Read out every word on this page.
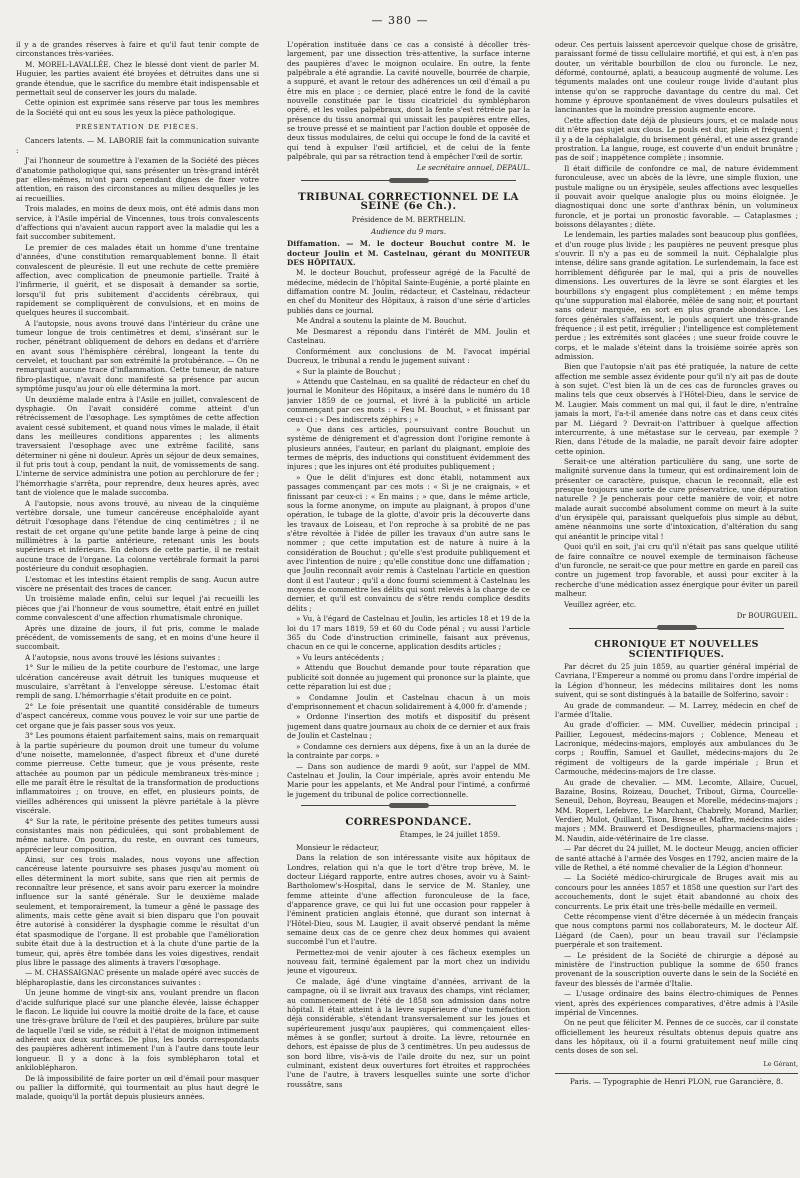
— 380 —

il y a de grandes réserves à faire et qu'il faut tenir compte de circonstances très-variées.

M. MOREL-LAVALLÉE. Chez le blessé dont vient de parler M. Huguier, les parties avaient été broyées et détruites dans une si grande étendue, que le sacrifice du membre était indispensable et permettait seul de conserver les jours du malade.

Cette opinion est exprimée sans réserve par tous les membres de la Société qui ont eu sous les yeux la pièce pathologique.

PRÉSENTATION DE PIÈCES.

Cancers latents. — M. LABORIE fait la communication suivante :

J'ai l'honneur de soumettre à l'examen de la Société des pièces d'anatomie pathologique qui, sans présenter un très-grand intérêt par elles-mêmes, m'ont paru cependant dignes de fixer votre attention, en raison des circonstances au milieu desquelles je les ai recueillies.

Trois malades, en moins de deux mois, ont été admis dans mon service, à l'Asile impérial de Vincennes, tous trois convalescents d'affections qui n'avaient aucun rapport avec la maladie qui les a fait succomber subitement.

Le premier de ces malades était un homme d'une trentaine d'années, d'une constitution remarquablement bonne. Il était convalescent de pleurésie. Il eut une rechute de cette première affection, avec complication de pneumonie partielle. Traité à l'infirmerie, il guérit, et se disposait à demander sa sortie, lorsqu'il fut pris subitement d'accidents cérébraux, qui rapidement se compliquèrent de convulsions, et en moins de quelques heures il succombait.

A l'autopsie, nous avons trouvé dans l'intérieur du crâne une tumeur longue de trois centimètres et demi, s'insérant sur le rocher, pénétrant obliquement de dehors en dedans et d'arrière en avant sous l'hémisphère cérébral, longeant la tente du cervelet, et touchant par son extrémité la protubérance. — On ne remarquait aucune trace d'inflammation. Cette tumeur, de nature fibro-plastique, n'avait donc manifesté sa présence par aucun symptôme jusqu'au jour où elle détermina la mort.

Un deuxième malade entra à l'Asile en juillet, convalescent de dysphagie. On l'avait considéré comme atteint d'un rétrécissement de l'œsophage. Les symptômes de cette affection avaient cessé subitement, et quand nous vîmes le malade, il était dans les meilleures conditions apparentes ; les aliments traversaient l'œsophage avec une extrême facilité, sans déterminer ni gêne ni douleur. Après un séjour de deux semaines, il fut pris tout à coup, pendant la nuit, de vomissements de sang. L'interne de service administra une potion au perchlorure de fer ; l'hémorrhagie s'arrêta, pour reprendre, deux heures après, avec tant de violence que le malade succomba.

A l'autopsie, nous avons trouvé, au niveau de la cinquième vertèbre dorsale, une tumeur cancéreuse encéphaloïde ayant détruit l'œsophage dans l'étendue de cinq centimètres ; il ne restait de cet organe qu'une petite bande large à peine de cinq millimètres à la partie antérieure, retenant unis les bouts supérieurs et inférieurs. En dehors de cette partie, il ne restait aucune trace de l'organe. La colonne vertébrale formait la paroi postérieure du conduit œsophagien.

L'estomac et les intestins étaient remplis de sang. Aucun autre viscère ne présentait des traces de cancer.

Un troisième malade enfin, celui sur lequel j'ai recueilli les pièces que j'ai l'honneur de vous soumettre, était entré en juillet comme convalescent d'une affection rhumatismale chronique.

Après une dizaine de jours, il fut pris, comme le malade précédent, de vomissements de sang, et en moins d'une heure il succombait.

A l'autopsie, nous avons trouvé les lésions suivantes :

1° Sur le milieu de la petite courbure de l'estomac, une large ulcération cancéreuse avait détruit les tuniques muqueuse et musculaire, s'arrêtant à l'enveloppe séreuse. L'estomac était rempli de sang. L'hémorrhagie s'était produite en ce point.

2° Le foie présentait une quantité considérable de tumeurs d'aspect cancéreux, comme vous pouvez le voir sur une partie de cet organe que je fais passer sous vos yeux.

3° Les poumons étaient parfaitement sains, mais on remarquait à la partie supérieure du poumon droit une tumeur du volume d'une noisette, mamelonnée, d'aspect fibreux et d'une dureté comme pierreuse. Cette tumeur, que je vous présente, reste attachée au poumon par un pédicule membraneux très-mince ; elle me paraît être le résultat de la transformation de productions inflammatoires ; on trouve, en effet, en plusieurs points, de vieilles adhérences qui unissent la plèvre pariétale à la plèvre viscérale.

4° Sur la rate, le péritoine présente des petites tumeurs aussi consistantes mais non pédiculées, qui sont probablement de même nature. On pourra, du reste, en ouvrant ces tumeurs, apprécier leur composition.

Ainsi, sur ces trois malades, nous voyons une affection cancéreuse latente poursuivre ses phases jusqu'au moment où elles déterminent la mort subite, sans que rien ait permis de reconnaître leur présence, et sans avoir paru exercer la moindre influence sur la santé générale. Sur le deuxième malade seulement, et temporairement, la tumeur a gêné le passage des aliments, mais cette gêne avait si bien disparu que l'on pouvait être autorisé à considérer la dysphagie comme le résultat d'un état spasmodique de l'organe. Il est probable que l'amélioration subite était due à la destruction et à la chute d'une partie de la tumeur, qui, après être tombée dans les voies digestives, rendait plus libre le passage des aliments à travers l'œsophage.

— M. CHASSAIGNAC présente un malade opéré avec succès de blépharoplastie, dans les circonstances suivantes :

Un jeune homme de vingt-six ans, voulant prendre un flacon d'acide sulfurique placé sur une planche élevée, laisse échapper le flacon. Le liquide lui couvre la moitié droite de la face, et cause une très-grave brûlure de l'œil et des paupières, brûlure par suite de laquelle l'œil se vide, se réduit à l'état de moignon intimement adhérent aux deux surfaces. De plus, les bords correspondants des paupières adhèrent intimement l'un à l'autre dans toute leur longueur. Il y a donc à la fois symblépharon total et ankiloblépharon.

De là impossibilité de faire porter un œil d'émail pour masquer ou pallier la difformité, qui tourmentait au plus haut degré le malade, quoiqu'il la portât depuis plusieurs années.

L'opération instituée dans ce cas a consisté à décoller très-largement, par une dissection très-attentive, la surface interne des paupières d'avec le moignon oculaire. En outre, la fente palpébrale a été agrandie. La cavité nouvelle, bourrée de charpie, a suppuré, et avant le retour des adhérences un œil d'émail a pu être mis en place ; ce dernier, placé entre le fond de la cavité nouvelle constituée par le tissu cicatriciel du symblépharon opéré, et les voiles palpébraux, dont la fente s'est rétrécie par la présence du tissu anormal qui unissait les paupières entre elles, se trouve pressé et se maintient par l'action double et opposée de deux tissus modulaires, de celui qui occupe le fond de la cavité et qui tend à expulser l'œil artificiel, et de celui de la fente palpébrale, qui par sa rétraction tend à empêcher l'œil de sortir.

Le secrétaire annuel, DEPAUL.
TRIBUNAL CORRECTIONNEL DE LA SEINE (6e Ch.).
Présidence de M. BERTHELIN.
Audience du 9 mars.

Diffamation. — M. le docteur Bouchut contre M. le docteur Joulin et M. Castelnau, gérant du MONITEUR DES HÔPITAUX.

M. le docteur Bouchut, professeur agrégé de la Faculté de médecine, médecin de l'hôpital Sainte-Eugénie, a porté plainte en diffamation contre M. Joulin, rédacteur, et Castelnau, rédacteur en chef du Moniteur des Hôpitaux, à raison d'une série d'articles publiés dans ce journal.

Me Andral a soutenu la plainte de M. Bouchut.

Me Desmarest a répondu dans l'intérêt de MM. Joulin et Castelnau.

Conformément aux conclusions de M. l'avocat impérial Ducreux, le tribunal a rendu le jugement suivant :

« Sur la plainte de Bouchut ;

» Attendu que Castelnau, en sa qualité de rédacteur en chef du journal le Moniteur des Hôpitaux, a inséré dans le numéro du 18 janvier 1859 de ce journal, et livré à la publicité un article commençant par ces mots : « Feu M. Bouchut, » et finissant par ceux-ci : « Des indiscrets zéphirs ; »

» Que dans ces articles, poursuivant contre Bouchut un système de dénigrement et d'agression dont l'origine remonte à plusieurs années, l'auteur, en parlant du plaignant, emploie des termes de mépris, des inductions qui constituent évidemment des injures ; que les injures ont été produites publiquement ;

» Que le délit d'injures est donc établi, notamment aux passages commençant par ces mots : « Si je ne craignais, » et finissant par ceux-ci : « En mains ; » que, dans le même article, sous la forme anonyme, on impute au plaignant, à propos d'une opération, le tubage de la glotte, d'avoir pris la découverte dans les travaux de Loiseau, et l'on reproche à sa probité de ne pas s'être révoltée à l'idée de piller les travaux d'un autre sans le nommer ; que cette imputation est de nature à nuire à la considération de Bouchut ; qu'elle s'est produite publiquement et avec l'intention de nuire ; qu'elle constitue donc une diffamation ; que Joulin reconnaît avoir remis à Castelnau l'article en question dont il est l'auteur ; qu'il a donc fourni sciemment à Castelnau les moyens de commettre les délits qui sont relevés à la charge de ce dernier, et qu'il est convaincu de s'être rendu complice desdits délits ;

» Vu, à l'égard de Castelnau et Joulin, les articles 18 et 19 de la loi du 17 mars 1819, 59 et 60 du Code pénal ; vu aussi l'article 365 du Code d'instruction criminelle, faisant aux prévenus, chacun en ce qui le concerne, application desdits articles ;

» Vu leurs antécédents ;

» Attendu que Bouchut demande pour toute réparation que publicité soit donnée au jugement qui prononce sur la plainte, que cette réparation lui est due ;

» Condamne Joulin et Castelnau chacun à un mois d'emprisonnement et chacun solidairement à 4,000 fr. d'amende ;

» Ordonne l'insertion des motifs et dispositif du présent jugement dans quatre journaux au choix de ce dernier et aux frais de Joulin et Castelnau ;

» Condamne ces derniers aux dépens, fixe à un an la durée de la contrainte par corps. »

— Dans son audience de mardi 9 août, sur l'appel de MM. Castelnau et Joulin, la Cour impériale, après avoir entendu Me Marie pour les appelants, et Me Andral pour l'intimé, a confirmé le jugement du tribunal de police correctionnelle.

CORRESPONDANCE.
Étampes, le 24 juillet 1859.

Monsieur le rédacteur,

Dans la relation de son intéressante visite aux hôpitaux de Londres, relation qui n'a que le tort d'être trop brève, M. le docteur Liégard rapporte, entre autres choses, avoir vu à Saint-Bartholomew's-Hospital, dans le service de M. Stanley, une femme atteinte d'une affection furonculeuse de la face, d'apparence grave, ce qui lui fut une occasion pour rappeler à l'éminent praticien anglais étonné, que durant son internat à l'Hôtel-Dieu, sous M. Laugier, il avait observé pendant la même semaine deux cas de ce genre chez deux hommes qui avaient succombé l'un et l'autre.

Permettez-moi de venir ajouter à ces fâcheux exemples un nouveau fait, terminé également par la mort chez un individu jeune et vigoureux.

Ce malade, âgé d'une vingtaine d'années, arrivant de la campagne, où il se livrait aux travaux des champs, vint réclamer, au commencement de l'été de 1858 son admission dans notre hôpital. Il était atteint à la lèvre supérieure d'une tuméfaction déjà considérable, s'étendant transversalement sur les joues et supérieurement jusqu'aux paupières, qui commençaient elles-mêmes à se gonfler, surtout à droite. La lèvre, retournée en dehors, est épaisse de plus de 3 centimètres. Un peu audessus de son bord libre, vis-à-vis de l'aile droite du nez, sur un point culminant, existent deux ouvertures fort étroites et rapprochées l'une de l'autre, à travers lesquelles suinte une sorte d'ichor roussâtre, sans

odeur. Ces pertuis laissent apercevoir quelque chose de grisâtre, paraissant formé de tissu cellulaire mortifié, et qui est, à n'en pas douter, un véritable bourbillon de clou ou furoncle. Le nez, déformé, contourné, aplati, a beaucoup augmenté de volume. Les téguments malades ont une couleur rouge livide d'autant plus intense qu'on se rapproche davantage du centre du mal. Cet homme y éprouve spontanément de vives douleurs pulsatiles et lancinantes que la moindre pression augmente encore.

Cette affection date déjà de plusieurs jours, et ce malade nous dit n'être pas sujet aux clous. Le pouls est dur, plein et fréquent ; il y a de la céphalalgie, du brisement général, et une assez grande prostration. La langue, rouge, est couverte d'un enduit brunâtre ; pas de soif ; inappétence complète ; insomnie.

Il était difficile de confondre ce mal, de nature évidemment furonculeuse, avec un abcès de la lèvre, une simple fluxion, une pustule maligne ou un érysipèle, seules affections avec lesquelles il pouvait avoir quelque analogie plus ou moins éloignée. Je diagnostiquai donc une sorte d'anthrax bénin, un volumineux furoncle, et je portai un pronostic favorable. — Cataplasmes ; boissons délayantes ; diète.

Le lendemain, les parties malades sont beaucoup plus gonflées, et d'un rouge plus livide ; les paupières ne peuvent presque plus s'ouvrir. Il n'y a pas eu de sommeil la nuit. Céphalalgie plus intense, délire sans grande agitation. Le surlendemain, la face est horriblement défigurée par le mal, qui a pris de nouvelles dimensions. Les ouvertures de la lèvre se sont élargies et les bourbillons s'y engagent plus complètement ; en même temps qu'une suppuration mal élaborée, mêlée de sang noir, et pourtant sans odeur marquée, en sort en plus grande abondance. Les forces générales s'affaissent, le pouls acquiert une très-grande fréquence ; il est petit, irrégulier ; l'intelligence est complètement perdue ; les extrémités sont glacées ; une sueur froide couvre le corps, et le malade s'éteint dans la troisième soirée après son admission.

Bien que l'autopsie n'ait pas été pratiquée, la nature de cette affection me semble assez évidente pour qu'il n'y ait pas de doute à son sujet. C'est bien là un de ces cas de furoncles graves ou malins tels que ceux observés à l'Hôtel-Dieu, dans le service de M. Laugier. Mais comment un mal qui, il faut le dire, n'entraîne jamais la mort, l'a-t-il amenée dans notre cas et dans ceux cités par M. Liégard ? Devrait-on l'attribuer à quelque affection intercurrente, à une métastase sur le cerveau, par exemple ? Rien, dans l'étude de la maladie, ne paraît devoir faire adopter cette opinion.

Serait-ce une altération particulière du sang, une sorte de malignité survenue dans la tumeur, qui est ordinairement loin de présenter ce caractère, puisque, chacun le reconnaît, elle est presque toujours une sorte de cure préservatrice, une dépuration naturelle ? Je pencherais pour cette manière de voir, et notre malade aurait succombé absolument comme on meurt à la suite d'un érysipèle qui, paraissant quelquefois plus simple au début, amène néanmoins une sorte d'intoxication, d'altération du sang qui anéantit le principe vital !

Quoi qu'il en soit, j'ai cru qu'il n'était pas sans quelque utilité de faire connaître ce nouvel exemple de terminaison fâcheuse d'un furoncle, ne serait-ce que pour mettre en garde en pareil cas contre un jugement trop favorable, et aussi pour exciter à la recherche d'une médication assez énergique pour éviter un pareil malheur.

Veuillez agréer, etc.

Dr BOURGUEIL.
CHRONIQUE ET NOUVELLES SCIENTIFIQUES.

Par décret du 25 juin 1859, au quartier général impérial de Cavriana, l'Empereur a nommé ou promu dans l'ordre impérial de la Légion d'honneur, les médecins militaires dont les noms suivent, qui se sont distingués à la bataille de Solferino, savoir :

Au grade de commandeur. — M. Larrey, médecin en chef de l'armée d'Italie.

Au grade d'officier. — MM. Cuvellier, médecin principal ; Paillier, Legouest, médecins-majors ; Coblence, Meneau et Lacronique, médecins-majors, employés aux ambulances du 3e corps ; Rouffin, Samuel et Gaullet, médecins-majors du 2e régiment de voltigeurs de la garde impériale ; Brun et Carmouche, médecins-majors de 1re classe.

Au grade de chevalier. — MM. Lecomte, Allaire, Cucuel, Bazaine, Bosins, Roizeau, Douchet, Tribout, Girma, Courcelle-Seneuil, Dehon, Boyreau, Beaugen et Morelle, médecins-majors ; MM. Ropert, Lefebvre, Le Marchant, Chabrely, Morand, Marlier, Verdier, Mulot, Quillant, Tison, Bresse et Maffre, médecins aides-majors ; MM. Brauwerd et Desdigneulles, pharmaciens-majors ; M. Naudin, aide-vétérinaire de 1re classe.

— Par décret du 24 juillet, M. le docteur Meugg, ancien officier de santé attaché à l'armée des Vosges en 1792, ancien maire de la ville de Rethel, a été nommé chevalier de la Légion d'honneur.

— La Société médico-chirurgicale de Bruges avait mis au concours pour les années 1857 et 1858 une question sur l'art des accouchements, dont le sujet était abandonné au choix des concurrents. Le prix était une très-belle médaille en vermeil.

Cette récompense vient d'être décernée à un médecin français que nous comptons parmi nos collaborateurs, M. le docteur Alf. Liégard (de Caen), pour un beau travail sur l'éclampsie puerpérale et son traitement.

— Le président de la Société de chirurgie a déposé au ministère de l'instruction publique la somme de 650 francs provenant de la souscription ouverte dans le sein de la Société en faveur des blessés de l'armée d'Italie.

— L'usage ordinaire des bains électro-chimiques de Pennes vient, après des expériences comparatives, d'être admis à l'Asile impérial de Vincennes.

On ne peut que féliciter M. Pennes de ce succès, car il constate officiellement les heureux résultats obtenus depuis quatre ans dans les hôpitaux, où il a fourni gratuitement neuf mille cinq cents doses de son sel.

Le Gérant,
Paris. — Typographie de Henri PLON, rue Garancière, 8.
